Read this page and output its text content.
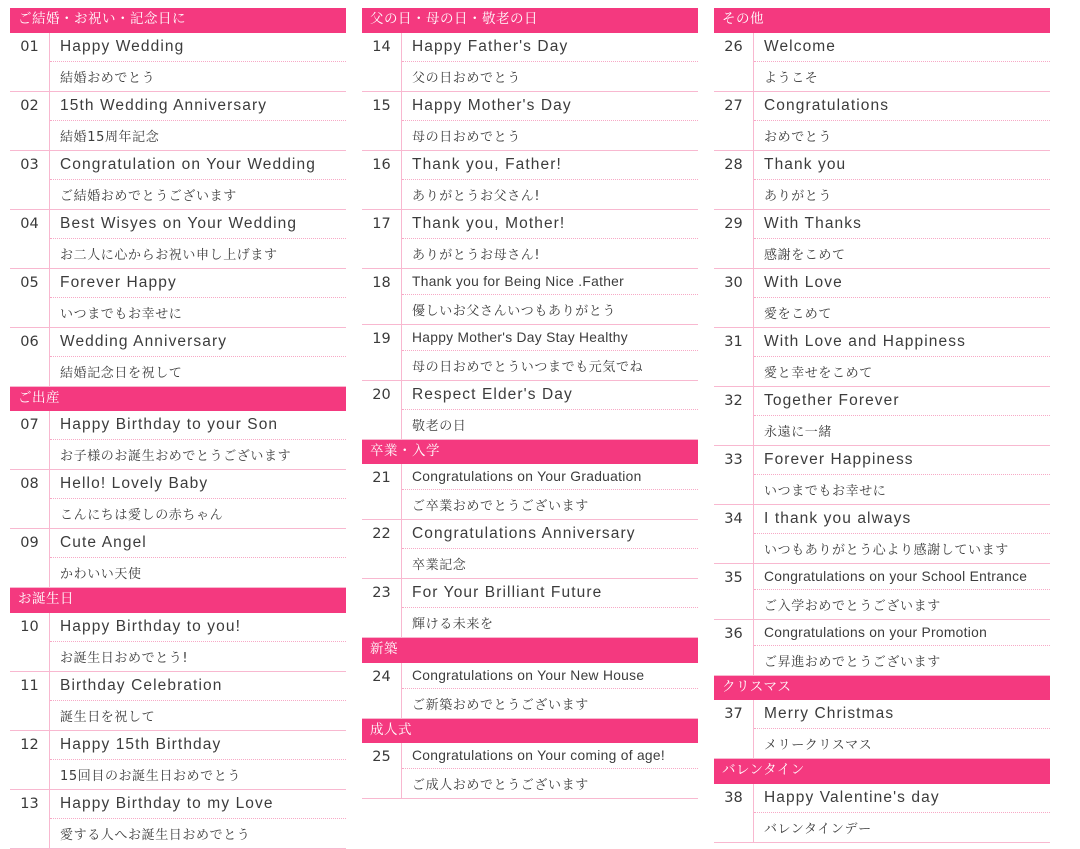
ご結婚・お祝い・記念日に
01	Happy Wedding
結婚おめでとう
02	15th Wedding Anniversary
結婚15周年記念
03	Congratulation on Your Wedding
ご結婚おめでとうございます
04	Best Wisyes on Your Wedding
お二人に心からお祝い申し上げます
05	Forever Happy
いつまでもお幸せに
06	Wedding Anniversary
結婚記念日を祝して
ご出産
07	Happy Birthday to your Son
お子様のお誕生おめでとうございます
08	Hello! Lovely Baby
こんにちは愛しの赤ちゃん
09	Cute Angel
かわいい天使
お誕生日
10	Happy Birthday to you!
お誕生日おめでとう!
11	Birthday Celebration
誕生日を祝して
12	Happy 15th Birthday
15回目のお誕生日おめでとう
13	Happy Birthday to my Love
愛する人へお誕生日おめでとう
父の日・母の日・敬老の日
14	Happy Father's Day
父の日おめでとう
15	Happy Mother's Day
母の日おめでとう
16	Thank you, Father!
ありがとうお父さん!
17	Thank you, Mother!
ありがとうお母さん!
18	Thank you for Being Nice .Father
優しいお父さんいつもありがとう
19	Happy Mother's Day Stay Healthy
母の日おめでとういつまでも元気でね
20	Respect Elder's Day
敬老の日
卒業・入学
21	Congratulations on Your Graduation
ご卒業おめでとうございます
22	Congratulations Anniversary
卒業記念
23	For Your Brilliant Future
輝ける未来を
新築
24	Congratulations on Your New House
ご新築おめでとうございます
成人式
25	Congratulations on Your coming of age!
ご成人おめでとうございます
その他
26	Welcome
ようこそ
27	Congratulations
おめでとう
28	Thank you
ありがとう
29	With Thanks
感謝をこめて
30	With Love
愛をこめて
31	With Love and Happiness
愛と幸せをこめて
32	Together Forever
永遠に一緒
33	Forever Happiness
いつまでもお幸せに
34	I thank you always
いつもありがとう心より感謝しています
35	Congratulations on your School Entrance
ご入学おめでとうございます
36	Congratulations on your Promotion
ご昇進おめでとうございます
クリスマス
37	Merry Christmas
メリークリスマス
バレンタイン
38	Happy Valentine's day
バレンタインデー
